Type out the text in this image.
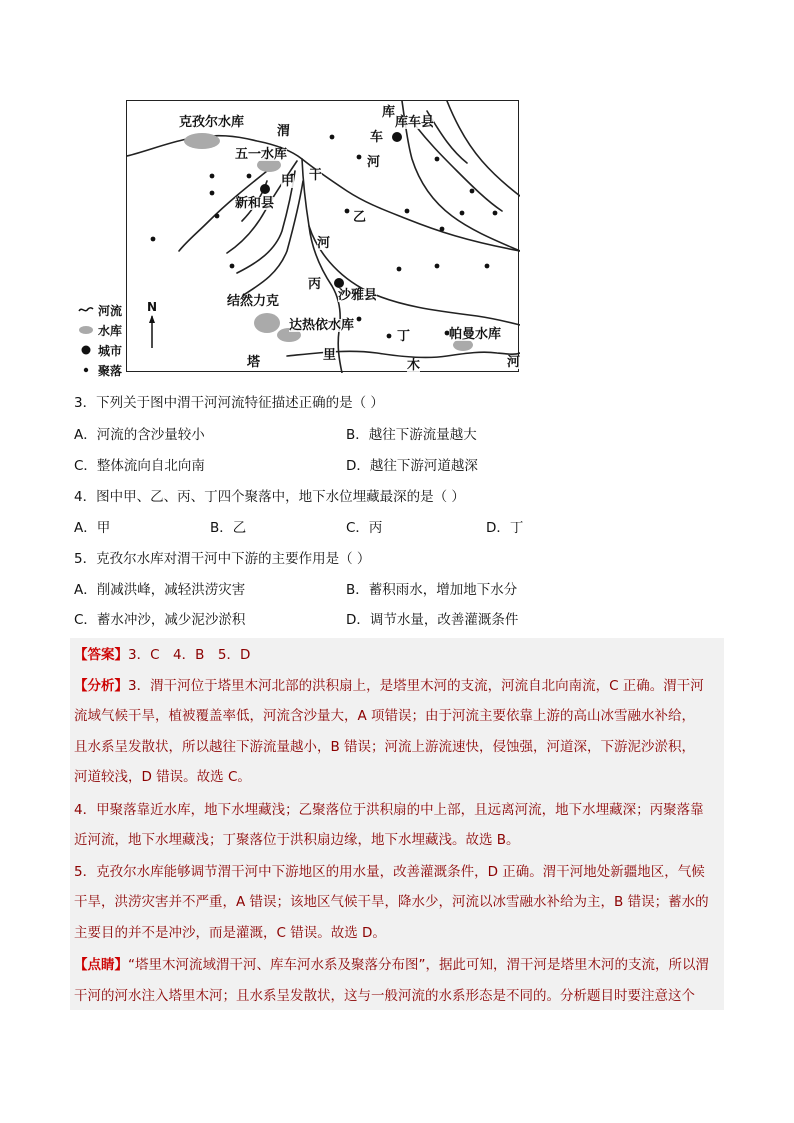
克孜尔水库
渭
库
库车县
车
五一水库
河
甲 干
新和县
乙
河
丙
沙雅县
结然力克
达热依水库
丁	帕曼水库
塔	里
木	河
河流
水库
城市
聚落
N
3．下列关于图中渭干河河流特征描述正确的是（ ）
A．河流的含沙量较小	B．越往下游流量越大
C．整体流向自北向南	D．越往下游河道越深
4．图中甲、乙、丙、丁四个聚落中，地下水位埋藏最深的是（ ）
A．甲	B．乙	C．丙	D．丁
5．克孜尔水库对渭干河中下游的主要作用是（ ）
A．削减洪峰，减轻洪涝灾害	B．蓄积雨水，增加地下水分
C．蓄水冲沙，减少泥沙淤积	D．调节水量，改善灌溉条件
【答案】3．C　4．B　5．D
【分析】3．渭干河位于塔里木河北部的洪积扇上，是塔里木河的支流，河流自北向南流，C 正确。渭干河
流域气候干旱，植被覆盖率低，河流含沙量大，A 项错误；由于河流主要依靠上游的高山冰雪融水补给，
且水系呈发散状，所以越往下游流量越小，B 错误；河流上游流速快，侵蚀强，河道深，下游泥沙淤积，
河道较浅，D 错误。故选 C。
4．甲聚落靠近水库，地下水埋藏浅；乙聚落位于洪积扇的中上部，且远离河流，地下水埋藏深；丙聚落靠
近河流，地下水埋藏浅；丁聚落位于洪积扇边缘，地下水埋藏浅。故选 B。
5．克孜尔水库能够调节渭干河中下游地区的用水量，改善灌溉条件，D 正确。渭干河地处新疆地区，气候
干旱，洪涝灾害并不严重，A 错误；该地区气候干旱，降水少，河流以冰雪融水补给为主，B 错误；蓄水的
主要目的并不是冲沙，而是灌溉，C 错误。故选 D。
【点睛】“塔里木河流域渭干河、库车河水系及聚落分布图”，据此可知，渭干河是塔里木河的支流，所以渭
干河的河水注入塔里木河；且水系呈发散状，这与一般河流的水系形态是不同的。分析题目时要注意这个
